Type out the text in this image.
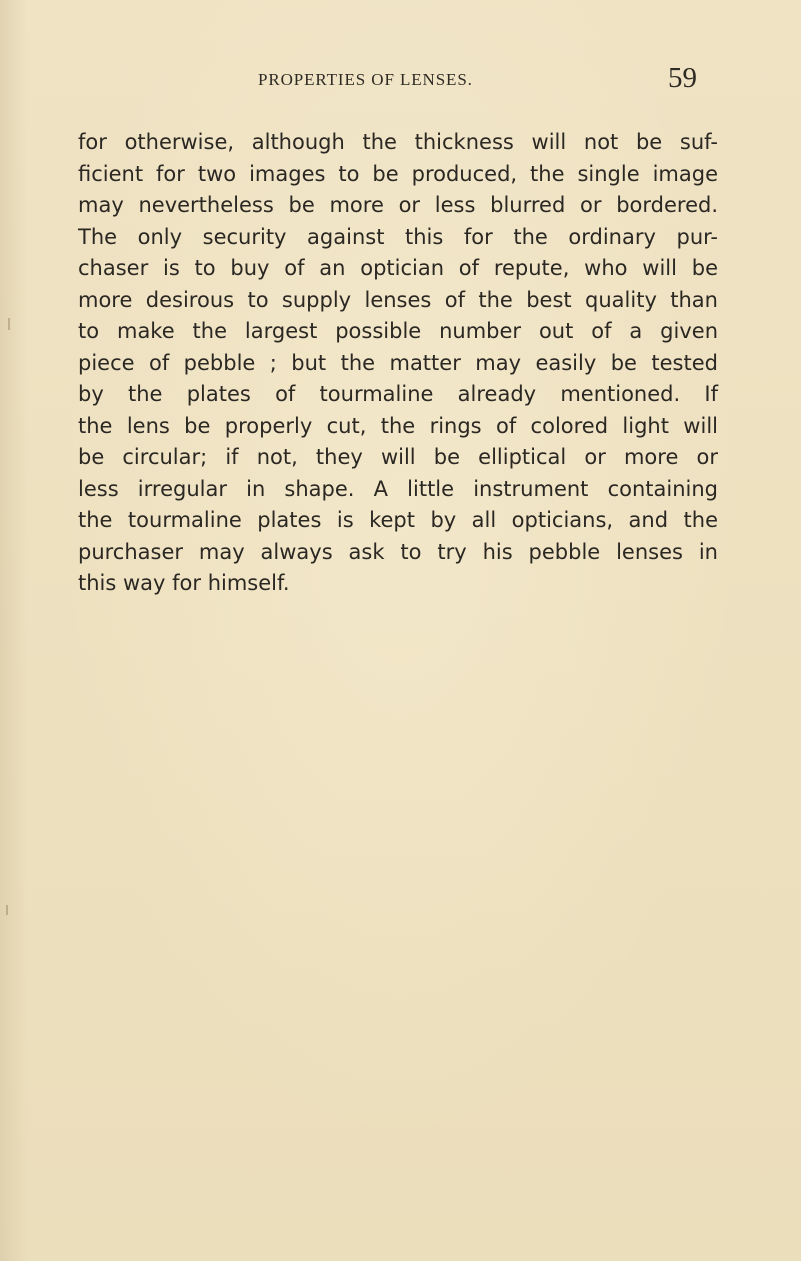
PROPERTIES OF LENSES.	59
for otherwise, although the thickness will not be suf-
ficient for two images to be produced, the single image
may nevertheless be more or less blurred or bordered.
The only security against this for the ordinary pur-
chaser is to buy of an optician of repute, who will be
more desirous to supply lenses of the best quality than
to make the largest possible number out of a given
piece of pebble ; but the matter may easily be tested
by the plates of tourmaline already mentioned. If
the lens be properly cut, the rings of colored light will
be circular; if not, they will be elliptical or more or
less irregular in shape. A little instrument containing
the tourmaline plates is kept by all opticians, and the
purchaser may always ask to try his pebble lenses in
this way for himself.
